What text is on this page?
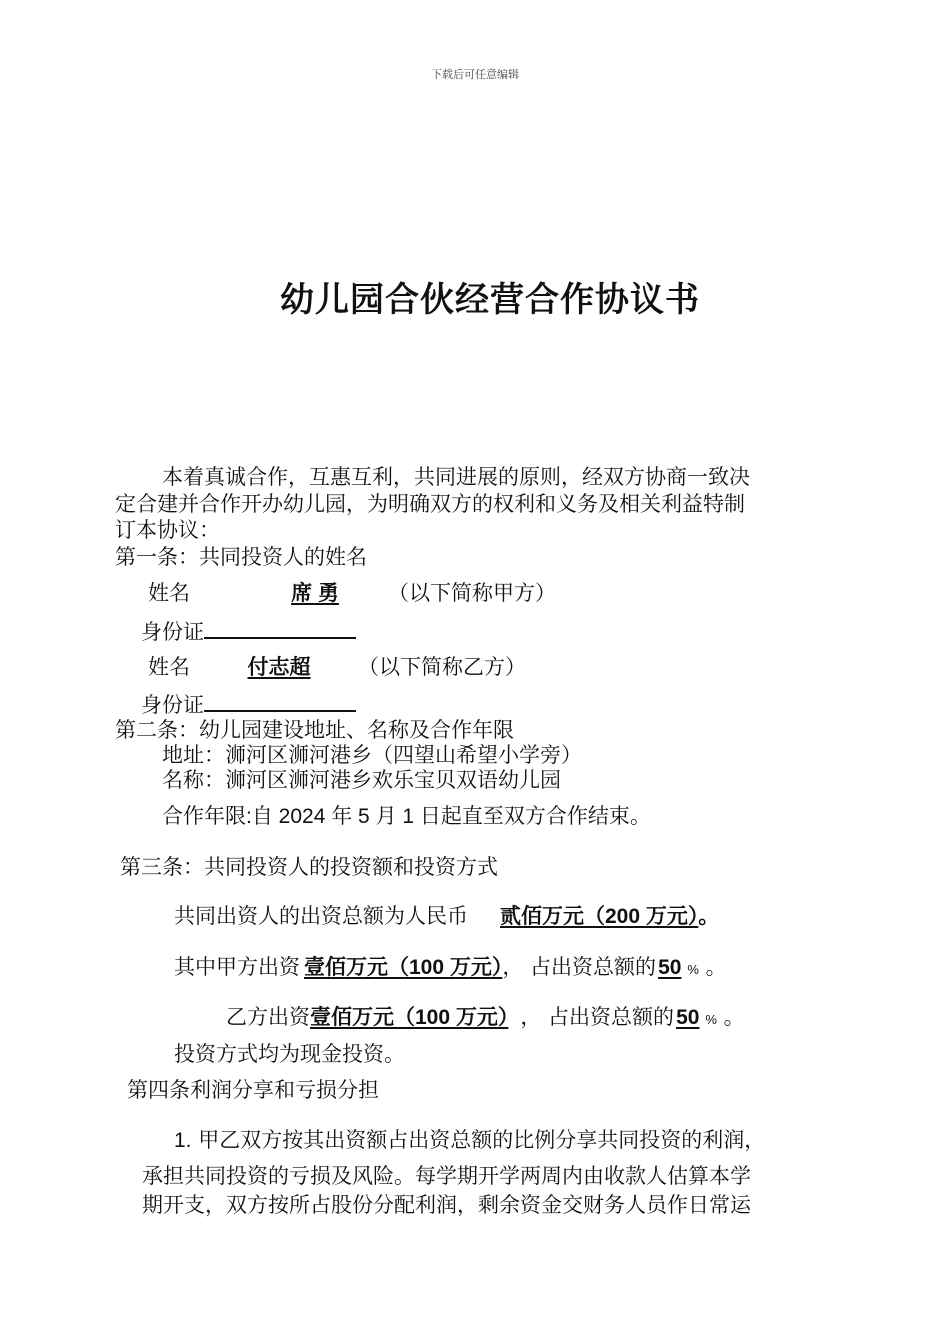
下载后可任意编辑
幼儿园合伙经营合作协议书
本着真诚合作，互惠互利，共同进展的原则，经双方协商一致决
定合建并合作开办幼儿园，为明确双方的权利和义务及相关利益特制
订本协议：
第一条：共同投资人的姓名
姓名	席 勇 （以下简称甲方）
身份证
姓名	付志超 （以下简称乙方）
身份证
第二条：幼儿园建设地址、名称及合作年限
地址：浉河区浉河港乡（四望山希望小学旁）
名称：浉河区浉河港乡欢乐宝贝双语幼儿园
合作年限:自 2024 年 5 月 1 日起直至双方合作结束。
第三条：共同投资人的投资额和投资方式
共同出资人的出资总额为人民币 贰佰万元（200 万元）。
其中甲方出资 壹佰万元（100 万元）， 占出资总额的50 % 。
乙方出资壹佰万元（100 万元） ， 占出资总额的50 % 。
投资方式均为现金投资。
第四条利润分享和亏损分担
1. 甲乙双方按其出资额占出资总额的比例分享共同投资的利润，
承担共同投资的亏损及风险。每学期开学两周内由收款人估算本学
期开支，双方按所占股份分配利润，剩余资金交财务人员作日常运
